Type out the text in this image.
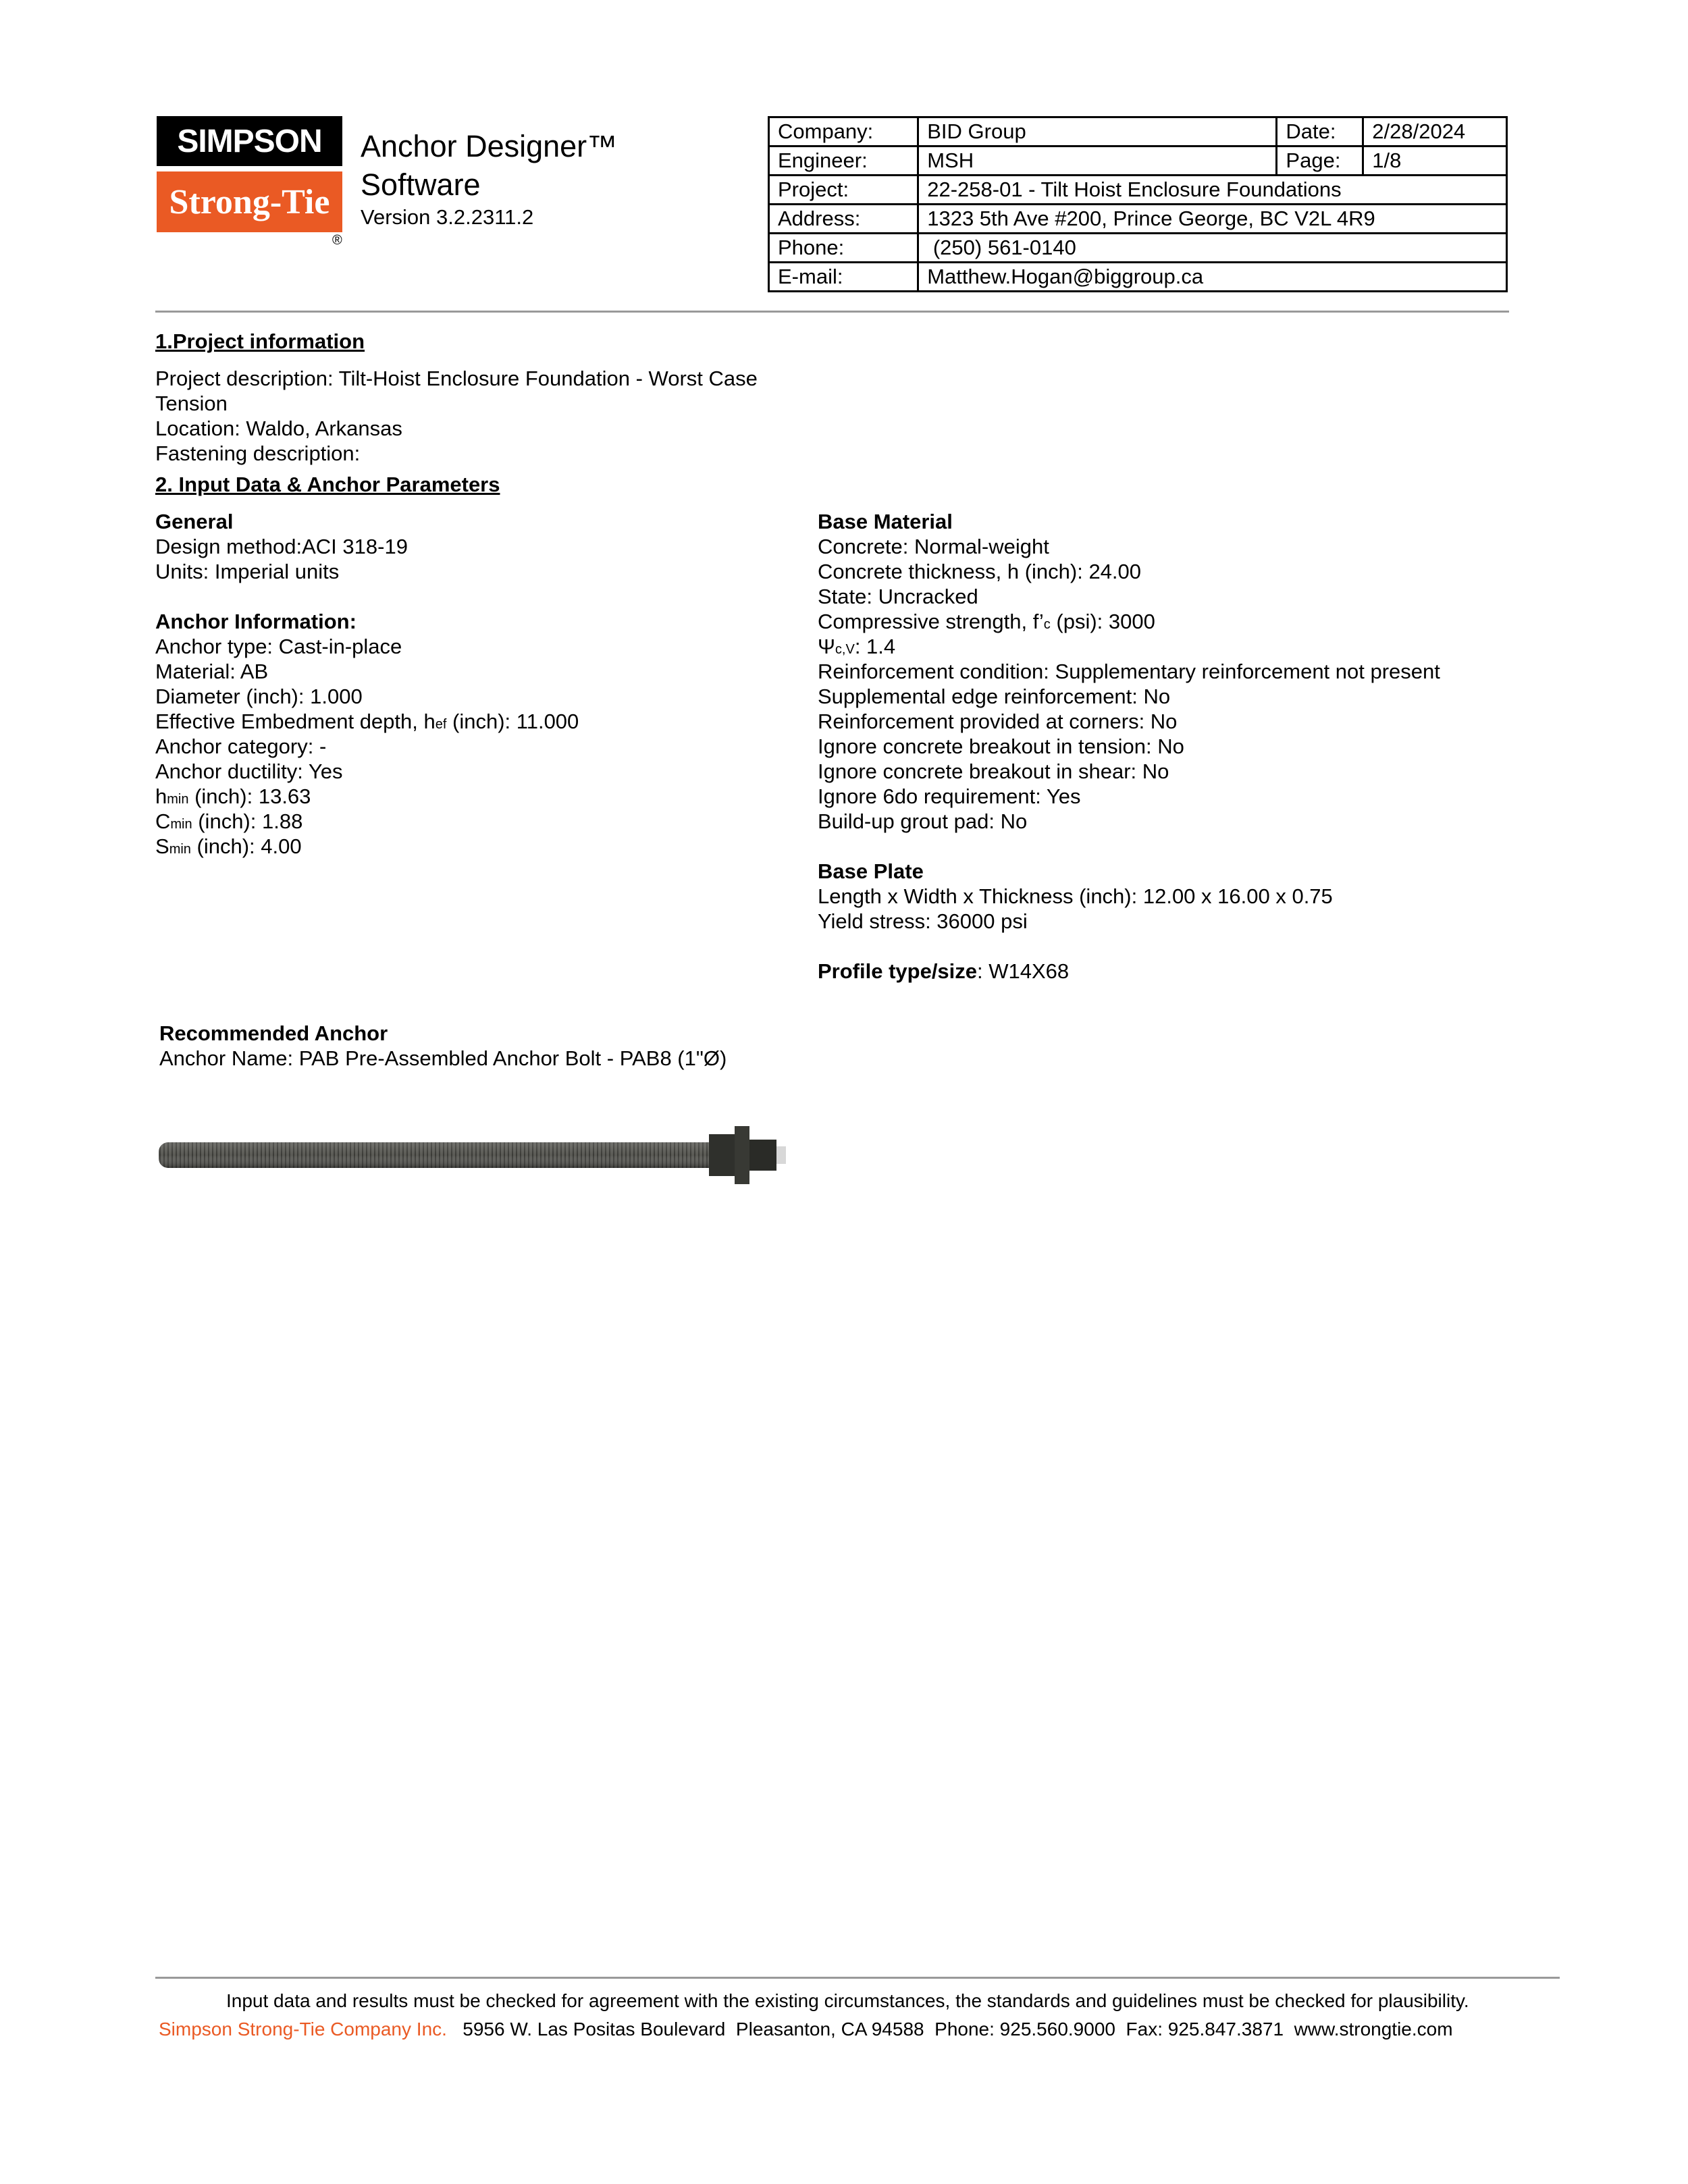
SIMPSON
Strong-Tie
®
Anchor Designer™
Software
Version 3.2.2311.2
Company:	BID Group	Date:	2/28/2024
Engineer:	MSH	Page:	1/8
Project:	22-258-01 - Tilt Hoist Enclosure Foundations		
Address:	1323 5th Ave #200, Prince George, BC V2L 4R9		
Phone:	(250) 561-0140		
E-mail:	Matthew.Hogan@biggroup.ca		
1.Project information
Project description: Tilt-Hoist Enclosure Foundation - Worst Case
Tension
Location: Waldo, Arkansas
Fastening description:
2. Input Data & Anchor Parameters
General
Design method:ACI 318-19
Units: Imperial units
Anchor Information:
Anchor type: Cast-in-place
Material: AB
Diameter (inch): 1.000
Effective Embedment depth, hef (inch): 11.000
Anchor category: -
Anchor ductility: Yes
hmin (inch): 13.63
Cmin (inch): 1.88
Smin (inch): 4.00
Base Material
Concrete: Normal-weight
Concrete thickness, h (inch): 24.00
State: Uncracked
Compressive strength, f’c (psi): 3000
Ψc,V: 1.4
Reinforcement condition: Supplementary reinforcement not present
Supplemental edge reinforcement: No
Reinforcement provided at corners: No
Ignore concrete breakout in tension: No
Ignore concrete breakout in shear: No
Ignore 6do requirement: Yes
Build-up grout pad: No
Base Plate
Length x Width x Thickness (inch): 12.00 x 16.00 x 0.75
Yield stress: 36000 psi
Profile type/size: W14X68
Recommended Anchor
Anchor Name: PAB Pre-Assembled Anchor Bolt - PAB8 (1"Ø)
Input data and results must be checked for agreement with the existing circumstances, the standards and guidelines must be checked for plausibility.
Simpson Strong-Tie Company Inc.   5956 W. Las Positas Boulevard  Pleasanton, CA 94588  Phone: 925.560.9000  Fax: 925.847.3871  www.strongtie.com
